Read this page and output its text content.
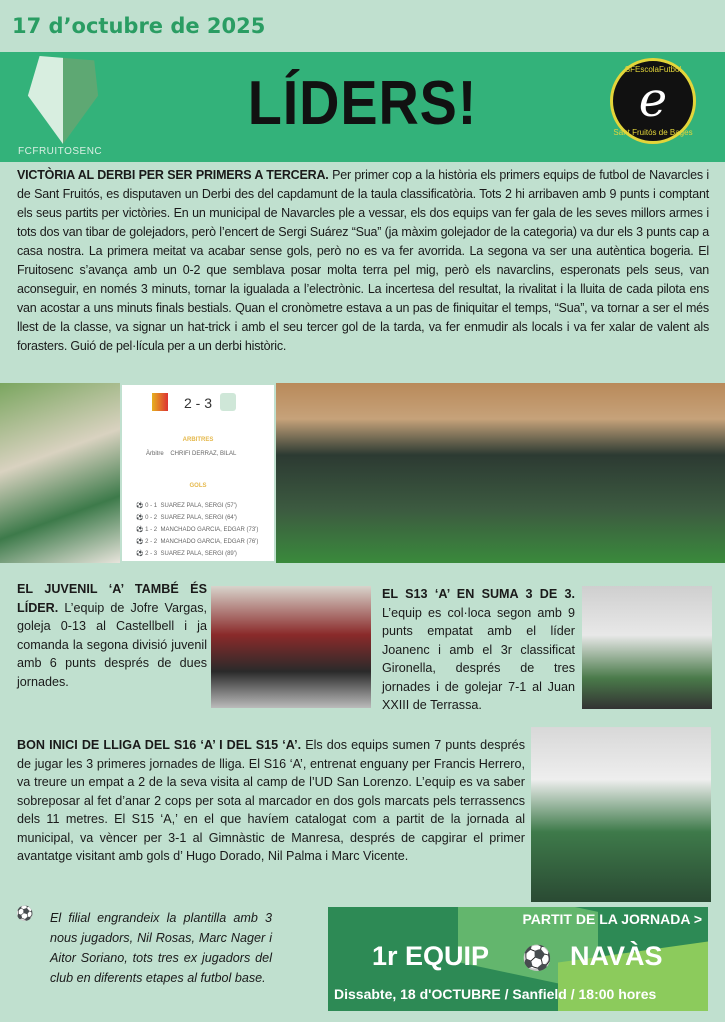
17 d’octubre de 2025
FCFRUITOSENC
LÍDERS!	SFEscolaFutbol
e
Sant Fruitós de Bages
VICTÒRIA AL DERBI PER SER PRIMERS A TERCERA. Per primer cop a la història els primers equips de futbol de Navarcles i de Sant Fruitós, es disputaven un Derbi des del capdamunt de la taula classificatòria. Tots 2 hi arribaven amb 9 punts i comptant els seus partits per victòries. En un municipal de Navarcles ple a vessar, els dos equips van fer gala de les seves millors armes i tots dos van tibar de golejadors, però l’encert de Sergi Suárez “Sua” (ja màxim golejador de la categoria) va dur els 3 punts cap a casa nostra. La primera meitat va acabar sense gols, però no es va fer avorrida. La segona va ser una autèntica bogeria. El Fruitosenc s’avança amb un 0-2 que semblava posar molta terra pel mig, però els navarclins, esperonats pels seus, van aconseguir, en només 3 minuts, tornar la igualada a l’electrònic. La incertesa del resultat, la rivalitat i la lluita de cada pilota ens van acostar a uns minuts finals bestials. Quan el cronòmetre estava a un pas de finiquitar el temps, “Sua”, va tornar a ser el més llest de la classe, va signar un hat-trick i amb el seu tercer gol de la tarda, va fer enmudir als locals i va fer xalar de valent als forasters. Guió de pel·lícula per a un derbi històric.
2 - 3
ARBITRES
Àrbitre CHRIFI DERRAZ, BILAL
GOLS
⚽ 0 - 1 SUAREZ PALA, SERGI (57')
⚽ 0 - 2 SUAREZ PALA, SERGI (64')
⚽ 1 - 2 MANCHADO GARCIA, EDGAR (73')
⚽ 2 - 2 MANCHADO GARCIA, EDGAR (76')
⚽ 2 - 3 SUAREZ PALA, SERGI (89')
EL JUVENIL ‘A’ TAMBÉ ÉS LÍDER. L’equip de Jofre Vargas, goleja 0-13 al Castellbell i ja comanda la segona divisió juvenil amb 6 punts després de dues jornades.
EL S13 ‘A’ EN SUMA 3 DE 3. L’equip es col·loca segon amb 9 punts empatat amb el líder Joanenc i amb el 3r classificat Gironella, després de tres jornades i de golejar 7-1 al Juan XXIII de Terrassa.
BON INICI DE LLIGA DEL S16 ‘A’ I DEL S15 ‘A’. Els dos equips sumen 7 punts després de jugar les 3 primeres jornades de lliga. El S16 ‘A’, entrenat enguany per Francis Herrero, va treure un empat a 2 de la seva visita al camp de l’UD San Lorenzo. L’equip es va saber sobreposar al fet d’anar 2 cops per sota al marcador en dos gols marcats pels terrassencs dels 11 metres. El S15 ‘A,’ en el que havíem catalogat com a partit de la jornada al municipal, va vèncer per 3-1 al Gimnàstic de Manresa, després de capgirar el primer avantatge visitant amb gols d’ Hugo Dorado, Nil Palma i Marc Vicente.
⚽ El filial engrandeix la plantilla amb 3 nous jugadors, Nil Rosas, Marc Nager i Aitor Soriano, tots tres ex jugadors del club en diferents etapes al futbol base.
PARTIT DE LA JORNADA >
1r EQUIP ⚽ NAVÀS
Dissabte, 18 d'OCTUBRE / Sanfield / 18:00 hores
